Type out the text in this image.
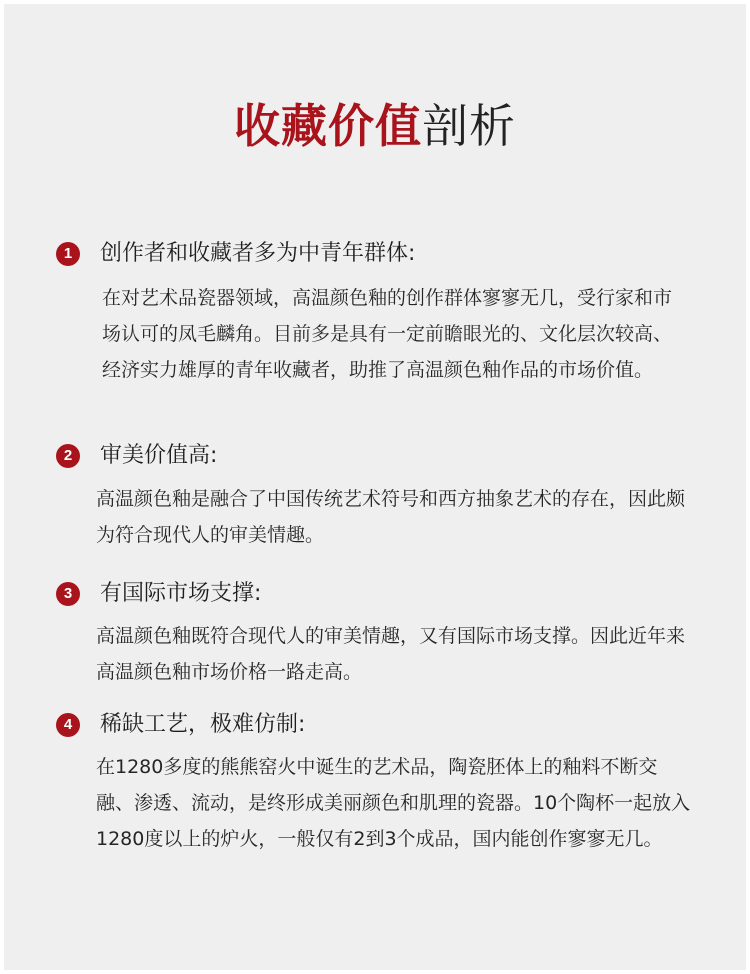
收藏价值剖析
1	创作者和收藏者多为中青年群体:
在对艺术品瓷器领域，高温颜色釉的创作群体寥寥无几，受行家和市场认可的凤毛麟角。目前多是具有一定前瞻眼光的、文化层次较高、经济实力雄厚的青年收藏者，助推了高温颜色釉作品的市场价值。
2	审美价值高:
高温颜色釉是融合了中国传统艺术符号和西方抽象艺术的存在，因此颇为符合现代人的审美情趣。
3	有国际市场支撑:
高温颜色釉既符合现代人的审美情趣，又有国际市场支撑。因此近年来高温颜色釉市场价格一路走高。
4	稀缺工艺，极难仿制:
在1280多度的熊熊窑火中诞生的艺术品，陶瓷胚体上的釉料不断交融、渗透、流动，是终形成美丽颜色和肌理的瓷器。10个陶杯一起放入1280度以上的炉火，一般仅有2到3个成品，国内能创作寥寥无几。
